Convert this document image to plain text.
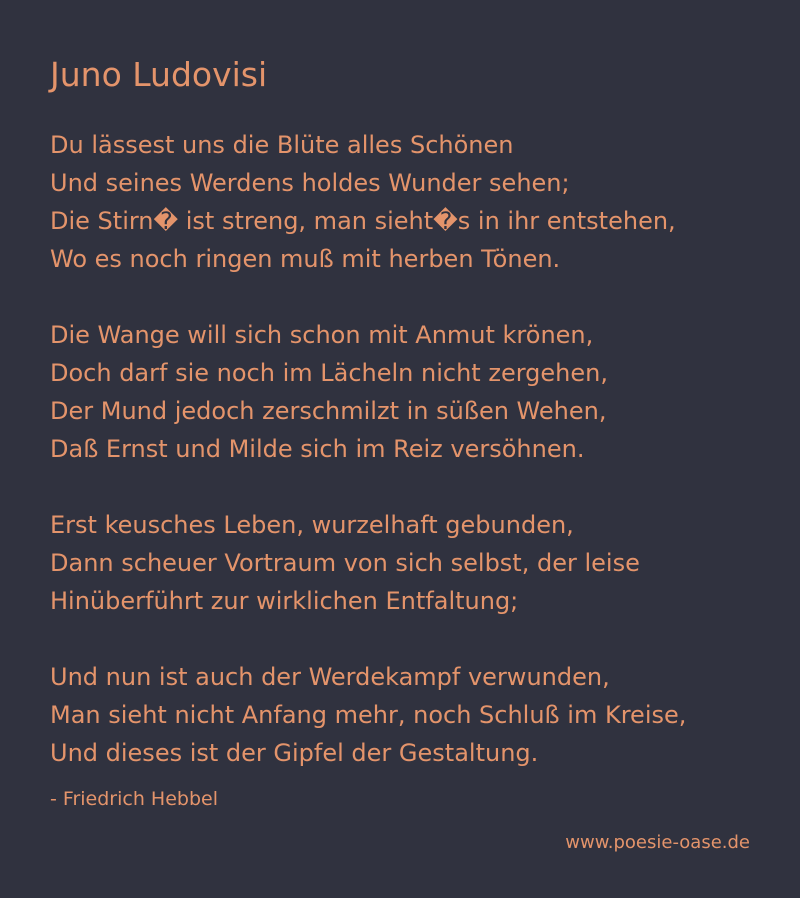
Juno Ludovisi
Du lässest uns die Blüte alles Schönen
Und seines Werdens holdes Wunder sehen;
Die Stirn� ist streng, man sieht�s in ihr entstehen,
Wo es noch ringen muß mit herben Tönen.
Die Wange will sich schon mit Anmut krönen,
Doch darf sie noch im Lächeln nicht zergehen,
Der Mund jedoch zerschmilzt in süßen Wehen,
Daß Ernst und Milde sich im Reiz versöhnen.
Erst keusches Leben, wurzelhaft gebunden,
Dann scheuer Vortraum von sich selbst, der leise
Hinüberführt zur wirklichen Entfaltung;
Und nun ist auch der Werdekampf verwunden,
Man sieht nicht Anfang mehr, noch Schluß im Kreise,
Und dieses ist der Gipfel der Gestaltung.
- Friedrich Hebbel
www.poesie-oase.de
